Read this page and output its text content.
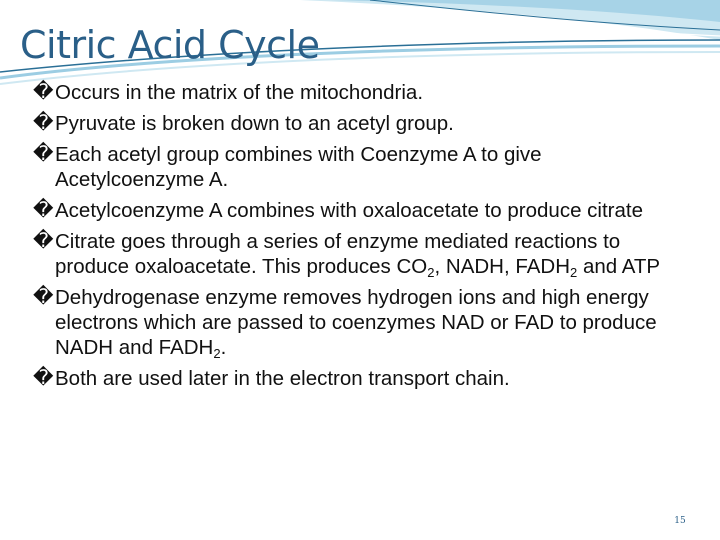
Citric Acid Cycle
� Occurs in the matrix of the mitochondria.
� Pyruvate is broken down to an acetyl group.
� Each acetyl group combines with Coenzyme A to give Acetylcoenzyme A.
� Acetylcoenzyme A combines with oxaloacetate to produce citrate
� Citrate goes through a series of enzyme mediated reactions to produce oxaloacetate. This produces $CO_2$, NADH, $FADH_2$ and ATP
� Dehydrogenase enzyme removes hydrogen ions and high energy electrons which are passed to coenzymes NAD or FAD to produce NADH and $FADH_2$.
� Both are used later in the electron transport chain.
15
